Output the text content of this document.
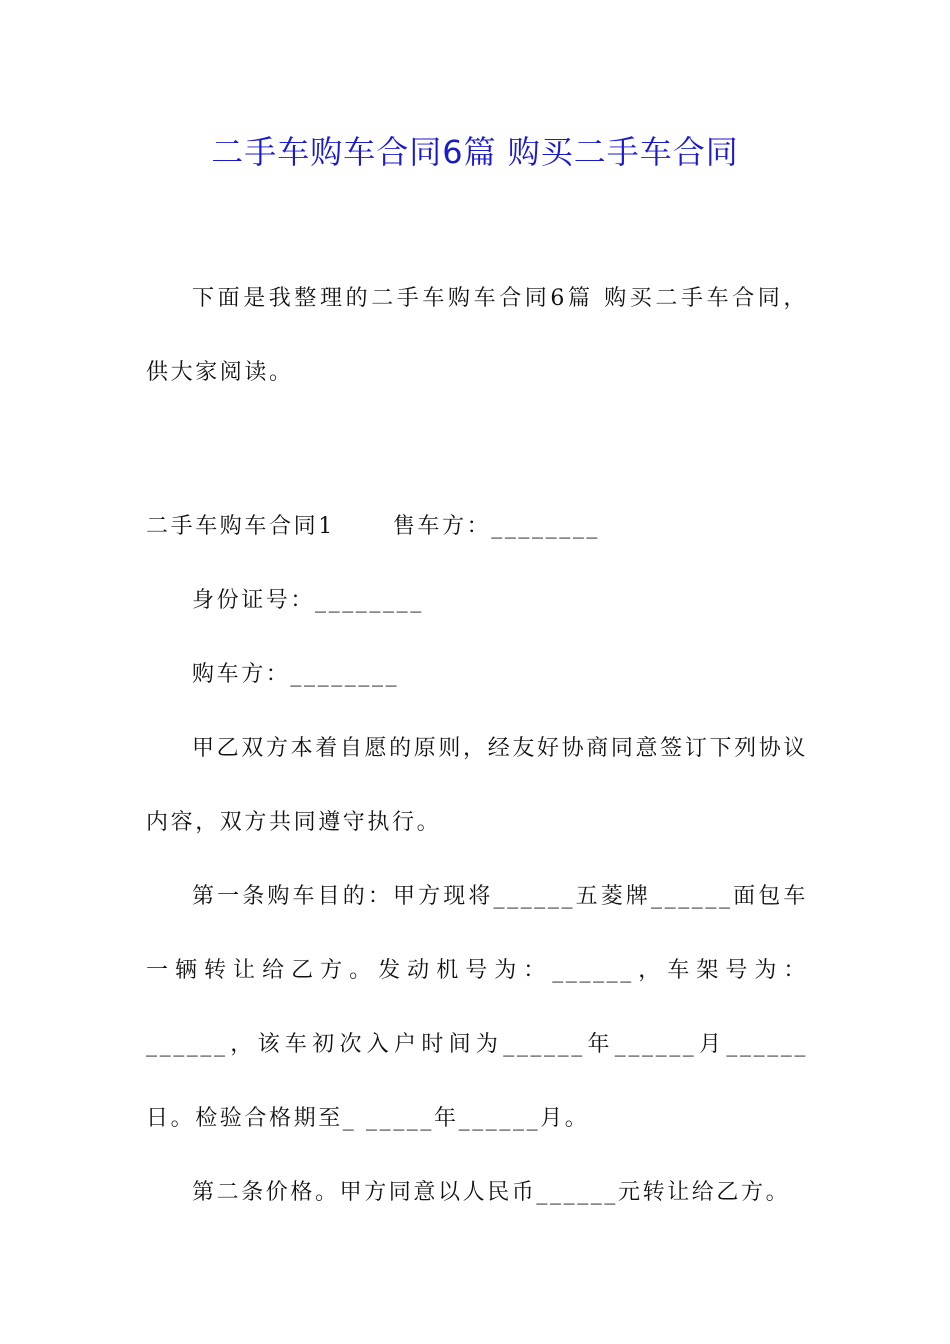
二手车购车合同6篇 购买二手车合同

下面是我整理的二手车购车合同6篇 购买二手车合同，供大家阅读。

二手车购车合同1	售车方：________

身份证号：________

购车方：________

甲乙双方本着自愿的原则，经友好协商同意签订下列协议内容，双方共同遵守执行。

第一条购车目的：甲方现将______五菱牌______面包车一辆转让给乙方。发动机号为：______，车架号为：______，该车初次入户时间为______年______月______日。检验合格期至_ _____年______月。

第二条价格。甲方同意以人民币______元转让给乙方。
